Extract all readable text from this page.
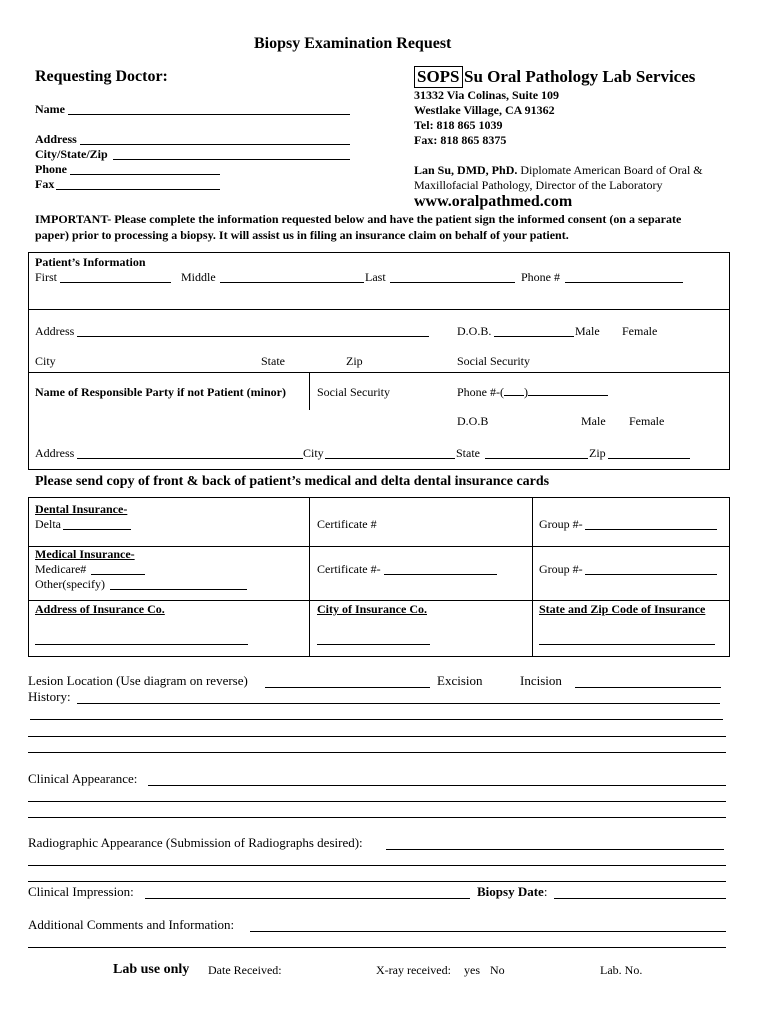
Biopsy Examination Request
Requesting Doctor:
Name
Address
City/State/Zip
Phone
Fax
SOPS Su Oral Pathology Lab Services
31332 Via Colinas, Suite 109
Westlake Village, CA 91362
Tel: 818 865 1039
Fax: 818 865 8375
Lan Su, DMD, PhD. Diplomate American Board of Oral &
Maxillofacial Pathology, Director of the Laboratory
www.oralpathmed.com
IMPORTANT- Please complete the information requested below and have the patient sign the informed consent (on a separate
paper) prior to processing a biopsy. It will assist us in filing an insurance claim on behalf of your patient.
Patient’s Information
First	Middle	Last	Phone #
Address	D.O.B.	Male Female
City	State	Zip	Social Security
Name of Responsible Party if not Patient (minor)	Social Security	Phone #-( )
D.O.B	Male Female
Address	City	State	Zip
Please send copy of front & back of patient’s medical and delta dental insurance cards
Dental Insurance-
Delta	Certificate #	Group #-
Medical Insurance-
Medicare#
Other(specify)
Certificate #-	Group #-
Address of Insurance Co.	City of Insurance Co.	State and Zip Code of Insurance
Lesion Location (Use diagram on reverse)	Excision	Incision
History:
Clinical Appearance:
Radiographic Appearance (Submission of Radiographs desired):
Clinical Impression:	Biopsy Date:
Additional Comments and Information:
Lab use only Date Received:	X-ray received: yes No	Lab. No.
